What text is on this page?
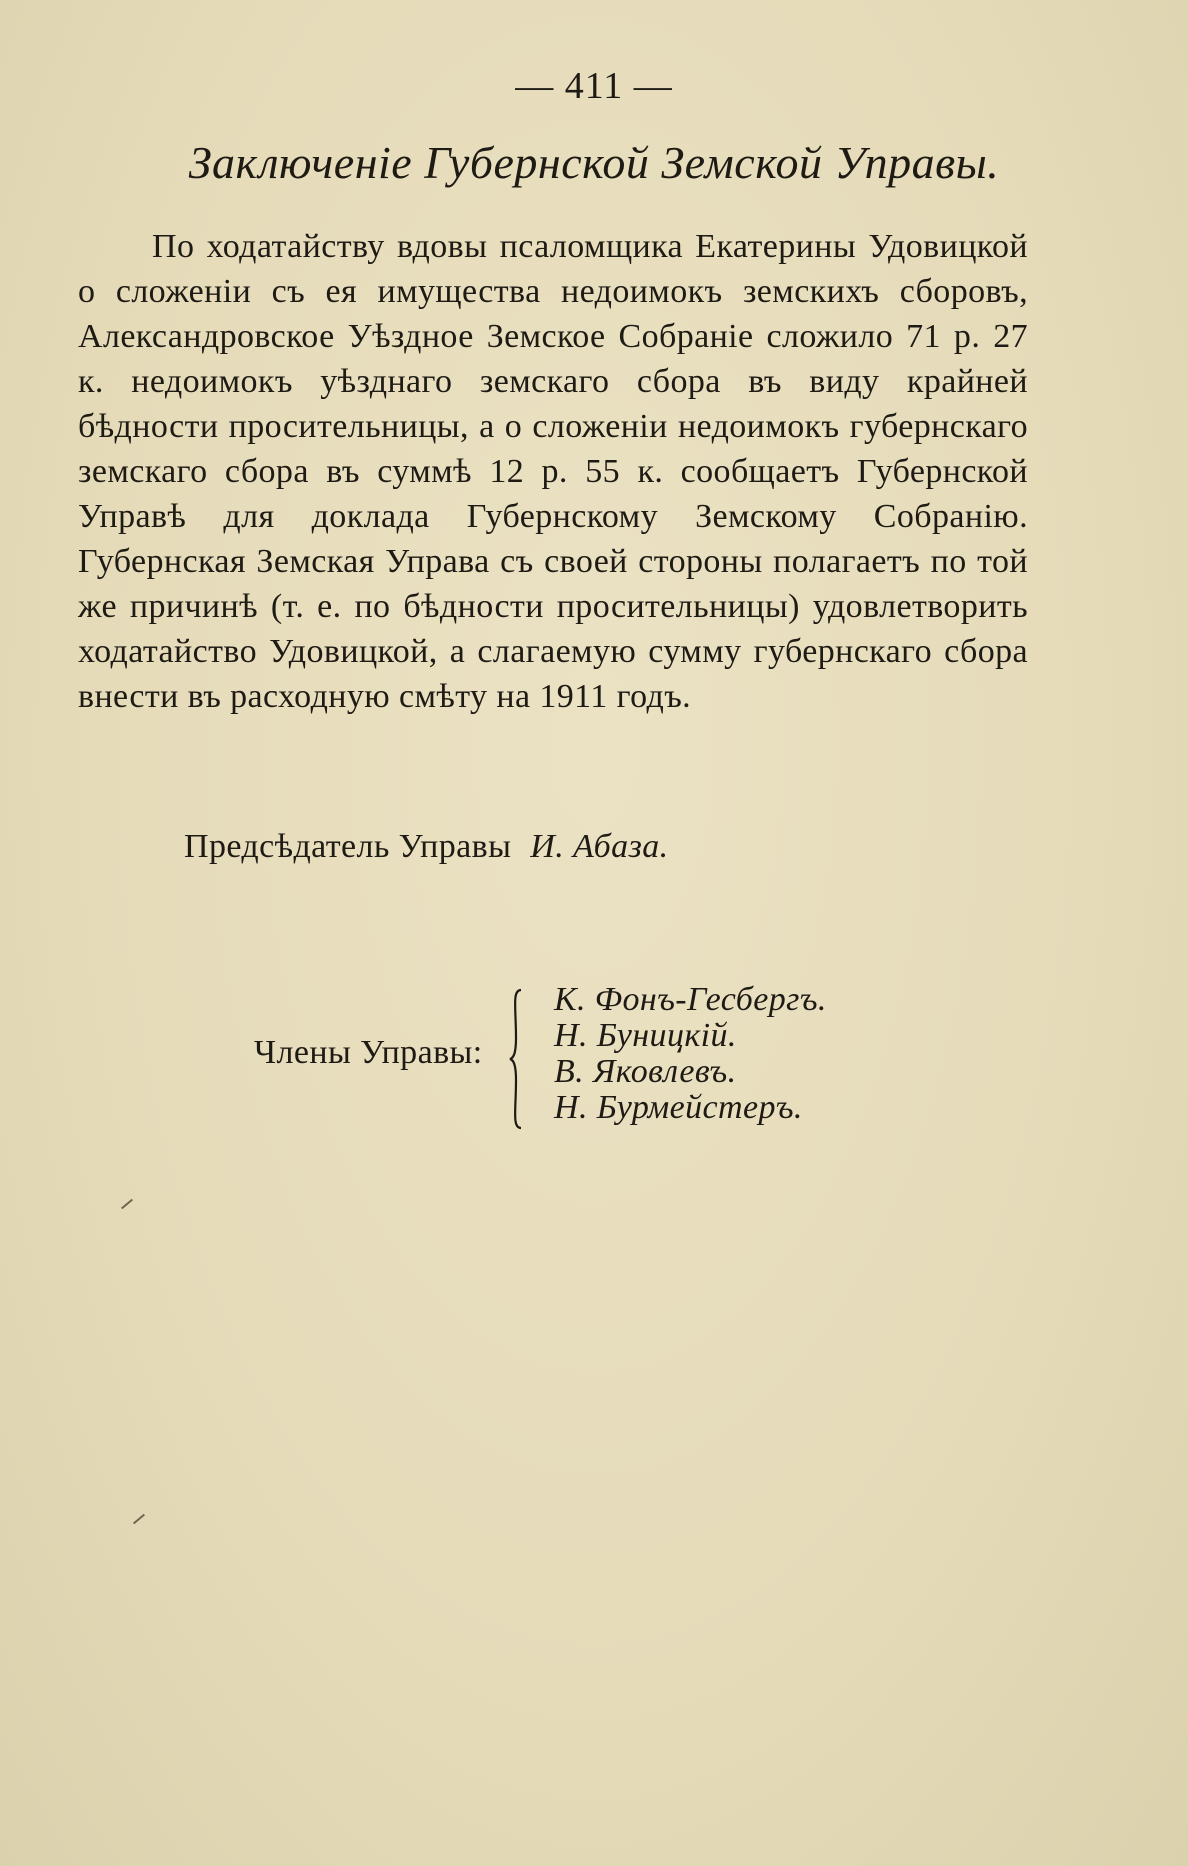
— 411 —
Заключеніе Губернской Земской Управы.

По ходатайству вдовы псаломщика Екатерины Удовицкой о сложеніи съ ея имущества недоимокъ земскихъ сборовъ, Александровское Уѣздное Земское Собраніе сложило 71 р. 27 к. недоимокъ уѣзднаго земскаго сбора въ виду крайней бѣдности просительницы, а о сложеніи недоимокъ губернскаго земскаго сбора въ суммѣ 12 р. 55 к. сообщаетъ Губернской Управѣ для доклада Губернскому Земскому Собранію. Губернская Земская Управа съ своей стороны полагаетъ по той же причинѣ (т. е. по бѣдности просительницы) удовлетворить ходатайство Удовицкой, а слагаемую сумму губернскаго сбора внести въ расходную смѣту на 1911 годъ.

Предсѣдатель Управы И. Абаза.
Члены Управы:
К. Фонъ-Гесбергъ.
Н. Буницкій.
В. Яковлевъ.
Н. Бурмейстеръ.
